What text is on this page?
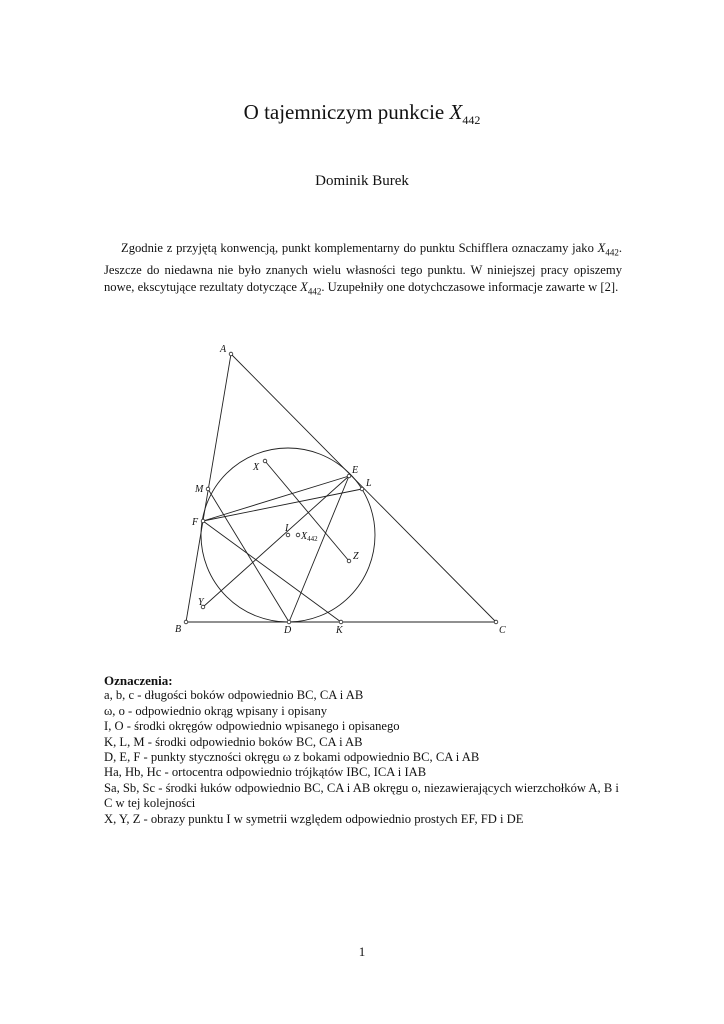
O tajemniczym punkcie $X_{442}$
Dominik Burek
Zgodnie z przyjętą konwencją, punkt komplementarny do punktu Schifflera oznaczamy jako $X_{442}$. Jeszcze do niedawna nie było znanych wielu własności tego punktu. W niniejszej pracy opiszemy nowe, ekscytujące rezultaty dotyczące $X_{442}$. Uzupełniły one dotychczasowe informacje zawarte w [2].
A
B	C
D	K
E
L
M
F
X
Y
Z
I
$X_{442}$
Oznaczenia:
a, b, c - długości boków odpowiednio BC, CA i AB
ω, o - odpowiednio okrąg wpisany i opisany
I, O - środki okręgów odpowiednio wpisanego i opisanego
K, L, M - środki odpowiednio boków BC, CA i AB
D, E, F - punkty styczności okręgu ω z bokami odpowiednio BC, CA i AB
Ha, Hb, Hc - ortocentra odpowiednio trójkątów IBC, ICA i IAB
Sa, Sb, Sc - środki łuków odpowiednio BC, CA i AB okręgu o, niezawierających wierzchołków A, B i C w tej kolejności
X, Y, Z - obrazy punktu I w symetrii względem odpowiednio prostych EF, FD i DE
1
